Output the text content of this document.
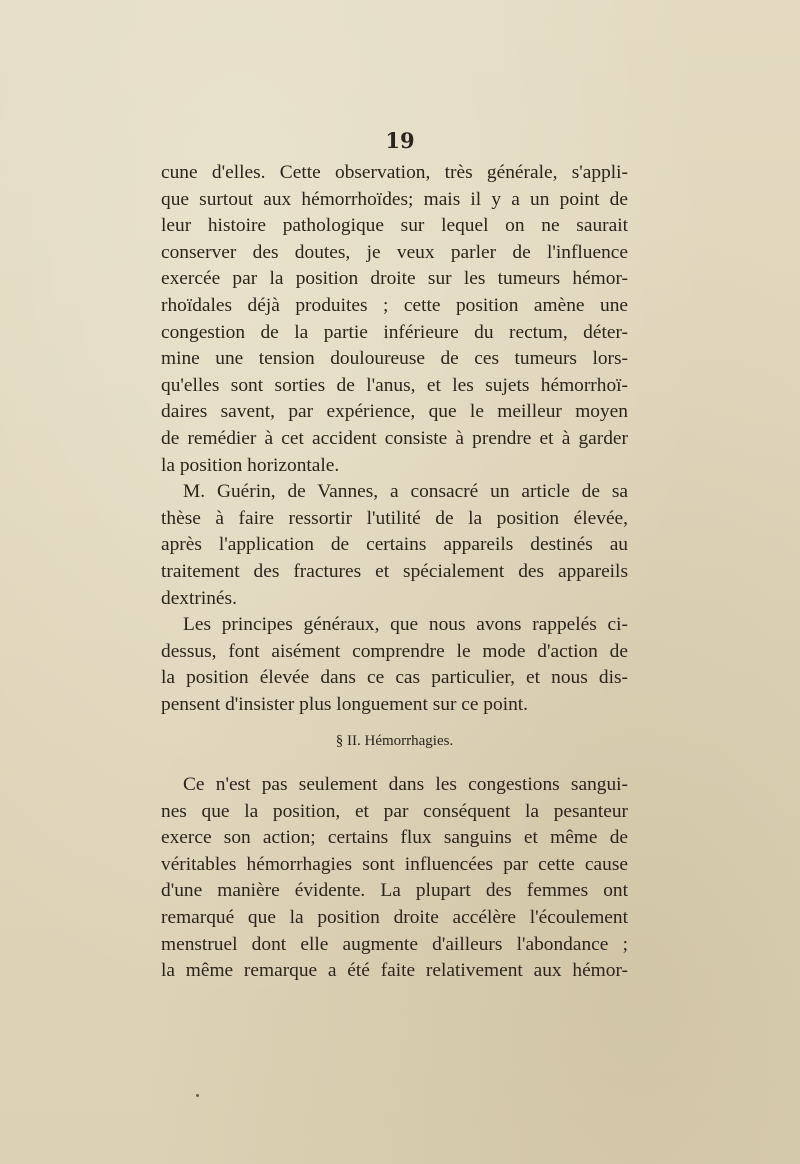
19
cune d'elles. Cette observation, très générale, s'appli-
que surtout aux hémorrhoïdes; mais il y a un point de
leur histoire pathologique sur lequel on ne saurait
conserver des doutes, je veux parler de l'influence
exercée par la position droite sur les tumeurs hémor-
rhoïdales déjà produites ; cette position amène une
congestion de la partie inférieure du rectum, déter-
mine une tension douloureuse de ces tumeurs lors-
qu'elles sont sorties de l'anus, et les sujets hémorrhoï-
daires savent, par expérience, que le meilleur moyen
de remédier à cet accident consiste à prendre et à garder
la position horizontale.
M. Guérin, de Vannes, a consacré un article de sa
thèse à faire ressortir l'utilité de la position élevée,
après l'application de certains appareils destinés au
traitement des fractures et spécialement des appareils
dextrinés.
Les principes généraux, que nous avons rappelés ci-
dessus, font aisément comprendre le mode d'action de
la position élevée dans ce cas particulier, et nous dis-
pensent d'insister plus longuement sur ce point.
§ II. Hémorrhagies.
Ce n'est pas seulement dans les congestions sangui-
nes que la position, et par conséquent la pesanteur
exerce son action; certains flux sanguins et même de
véritables hémorrhagies sont influencées par cette cause
d'une manière évidente. La plupart des femmes ont
remarqué que la position droite accélère l'écoulement
menstruel dont elle augmente d'ailleurs l'abondance ;
la même remarque a été faite relativement aux hémor-
